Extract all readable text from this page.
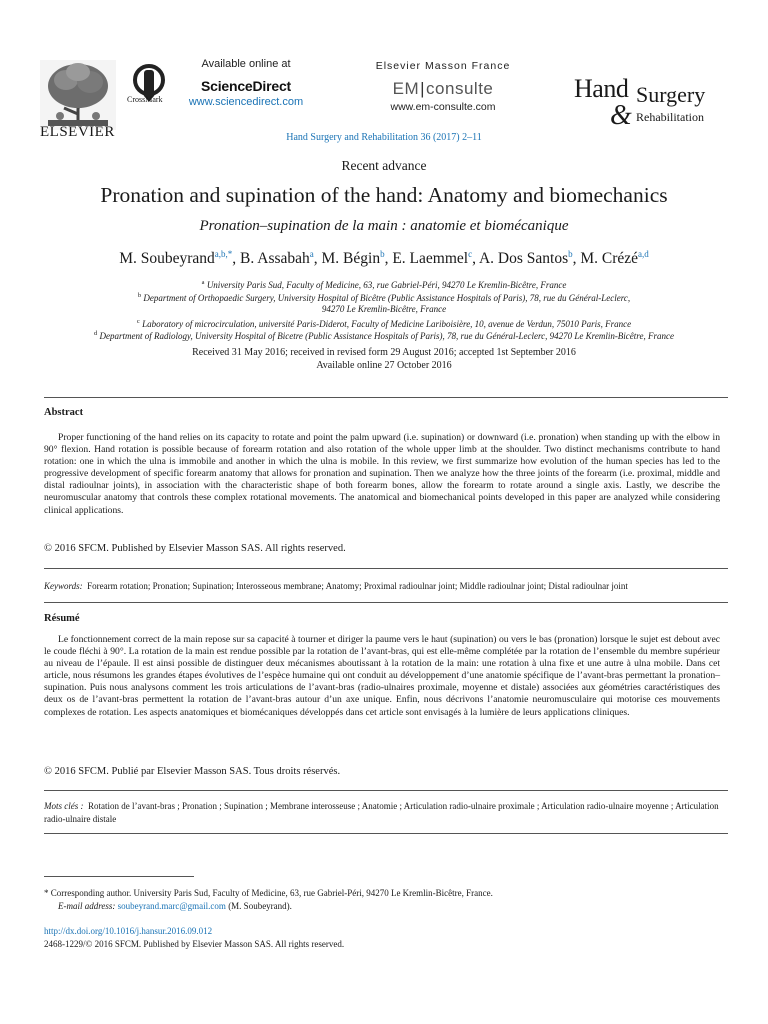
ELSEVIER
CrossMark
Available online at
ScienceDirect
www.sciencedirect.com
Elsevier Masson France
EM|consulte
www.em-consulte.com
Hand Surgery
& Rehabilitation
Hand Surgery and Rehabilitation 36 (2017) 2–11
Recent advance
Pronation and supination of the hand: Anatomy and biomechanics
Pronation–supination de la main : anatomie et biomécanique
M. Soubeyrand$^{a,b,*}$, B. Assabah$^a$, M. Bégin$^b$, E. Laemmel$^c$, A. Dos Santos$^b$, M. Crézé$^{a,d}$
$^a$ University Paris Sud, Faculty of Medicine, 63, rue Gabriel-Péri, 94270 Le Kremlin-Bicêtre, France
$^b$ Department of Orthopaedic Surgery, University Hospital of Bicêtre (Public Assistance Hospitals of Paris), 78, rue du Général-Leclerc,
94270 Le Kremlin-Bicêtre, France
$^c$ Laboratory of microcirculation, université Paris-Diderot, Faculty of Medicine Lariboisière, 10, avenue de Verdun, 75010 Paris, France
$^d$ Department of Radiology, University Hospital of Bicetre (Public Assistance Hospitals of Paris), 78, rue du Général-Leclerc, 94270 Le Kremlin-Bicêtre, France
Received 31 May 2016; received in revised form 29 August 2016; accepted 1st September 2016
Available online 27 October 2016
Abstract
Proper functioning of the hand relies on its capacity to rotate and point the palm upward (i.e. supination) or downward (i.e. pronation) when standing up with the elbow in 90° flexion. Hand rotation is possible because of forearm rotation and also rotation of the whole upper limb at the shoulder. Two distinct mechanisms contribute to hand rotation: one in which the ulna is immobile and another in which the ulna is mobile. In this review, we first summarize how evolution of the human species has led to the progressive development of specific forearm anatomy that allows for pronation and supination. Then we analyze how the three joints of the forearm (i.e. proximal, middle and distal radioulnar joints), in association with the characteristic shape of both forearm bones, allow the forearm to rotate around a single axis. Lastly, we describe the neuromuscular anatomy that controls these complex rotational movements. The anatomical and biomechanical points developed in this paper are analyzed while considering clinical applications.
© 2016 SFCM. Published by Elsevier Masson SAS. All rights reserved.
Keywords: Forearm rotation; Pronation; Supination; Interosseous membrane; Anatomy; Proximal radioulnar joint; Middle radioulnar joint; Distal radioulnar joint
Résumé
Le fonctionnement correct de la main repose sur sa capacité à tourner et diriger la paume vers le haut (supination) ou vers le bas (pronation) lorsque le sujet est debout avec le coude fléchi à 90°. La rotation de la main est rendue possible par la rotation de l’avant-bras, qui est elle-même complétée par la rotation de l’ensemble du membre supérieur au niveau de l’épaule. Il est ainsi possible de distinguer deux mécanismes aboutissant à la rotation de la main: une rotation à ulna fixe et une autre à ulna mobile. Dans cet article, nous résumons les grandes étapes évolutives de l’espèce humaine qui ont conduit au développement d’une anatomie spécifique de l’avant-bras permettant la pronation–supination. Puis nous analysons comment les trois articulations de l’avant-bras (radio-ulnaires proximale, moyenne et distale) associées aux géométries caractéristiques des deux os de l’avant-bras permettent la rotation de l’avant-bras autour d’un axe unique. Enfin, nous décrivons l’anatomie neuromusculaire qui motorise ces mouvements complexes de rotation. Les aspects anatomiques et biomécaniques développés dans cet article sont envisagés à la lumière de leurs applications cliniques.
© 2016 SFCM. Publié par Elsevier Masson SAS. Tous droits réservés.
Mots clés : Rotation de l’avant-bras ; Pronation ; Supination ; Membrane interosseuse ; Anatomie ; Articulation radio-ulnaire proximale ; Articulation radio-ulnaire moyenne ; Articulation radio-ulnaire distale
* Corresponding author. University Paris Sud, Faculty of Medicine, 63, rue Gabriel-Péri, 94270 Le Kremlin-Bicêtre, France.
E-mail address: soubeyrand.marc@gmail.com (M. Soubeyrand).
http://dx.doi.org/10.1016/j.hansur.2016.09.012
2468-1229/© 2016 SFCM. Published by Elsevier Masson SAS. All rights reserved.
